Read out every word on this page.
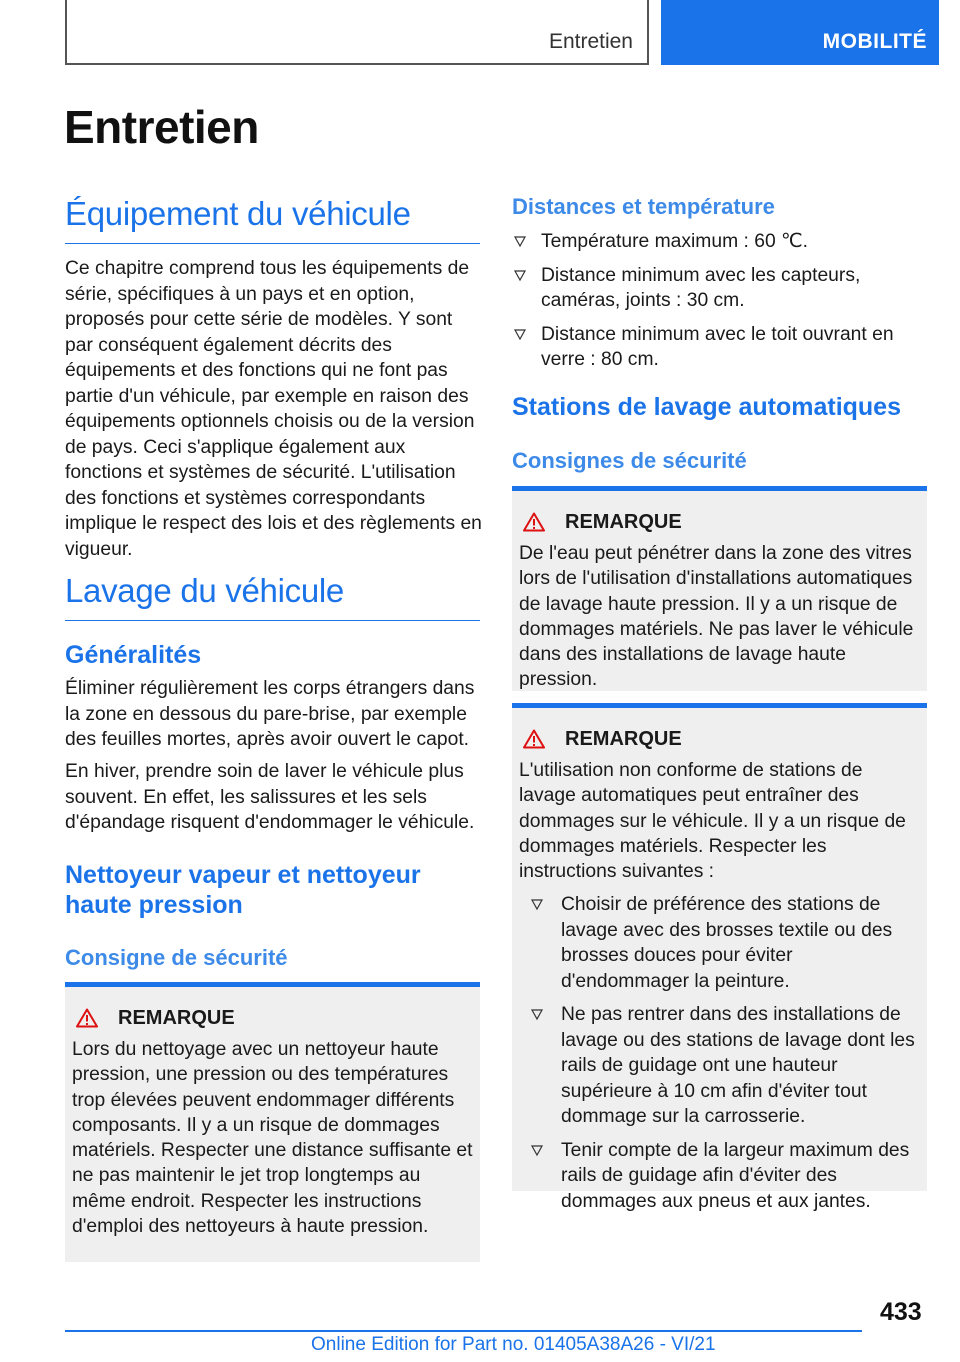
Entretien	MOBILITÉ
Entretien
Équipement du véhicule
Ce chapitre comprend tous les équipements de série, spécifiques à un pays et en option, proposés pour cette série de modèles. Y sont par conséquent également décrits des équipements et des fonctions qui ne font pas partie d'un véhicule, par exemple en raison des équipements optionnels choisis ou de la version de pays. Ceci s'applique également aux fonctions et systèmes de sécurité. L'utilisation des fonctions et systèmes correspondants implique le respect des lois et des règlements en vigueur.
Lavage du véhicule
Généralités
Éliminer régulièrement les corps étrangers dans la zone en dessous du pare-brise, par exemple des feuilles mortes, après avoir ouvert le capot.
En hiver, prendre soin de laver le véhicule plus souvent. En effet, les salissures et les sels d'épandage risquent d'endommager le véhicule.
Nettoyeur vapeur et nettoyeur haute pression
Consigne de sécurité
REMARQUE
Lors du nettoyage avec un nettoyeur haute pression, une pression ou des températures trop élevées peuvent endommager différents composants. Il y a un risque de dommages matériels. Respecter une distance suffisante et ne pas maintenir le jet trop longtemps au même endroit. Respecter les instructions d'emploi des nettoyeurs à haute pression.
Distances et température
Température maximum : 60 ℃.
Distance minimum avec les capteurs, caméras, joints : 30 cm.
Distance minimum avec le toit ouvrant en verre : 80 cm.
Stations de lavage automatiques
Consignes de sécurité
REMARQUE
De l'eau peut pénétrer dans la zone des vitres lors de l'utilisation d'installations automatiques de lavage haute pression. Il y a un risque de dommages matériels. Ne pas laver le véhicule dans des installations de lavage haute pression.
REMARQUE
L'utilisation non conforme de stations de lavage automatiques peut entraîner des dommages sur le véhicule. Il y a un risque de dommages matériels. Respecter les instructions suivantes :
Choisir de préférence des stations de lavage avec des brosses textile ou des brosses douces pour éviter d'endommager la peinture.
Ne pas rentrer dans des installations de lavage ou des stations de lavage dont les rails de guidage ont une hauteur supérieure à 10 cm afin d'éviter tout dommage sur la carrosserie.
Tenir compte de la largeur maximum des rails de guidage afin d'éviter des dommages aux pneus et aux jantes.
433
Online Edition for Part no. 01405A38A26 - VI/21
